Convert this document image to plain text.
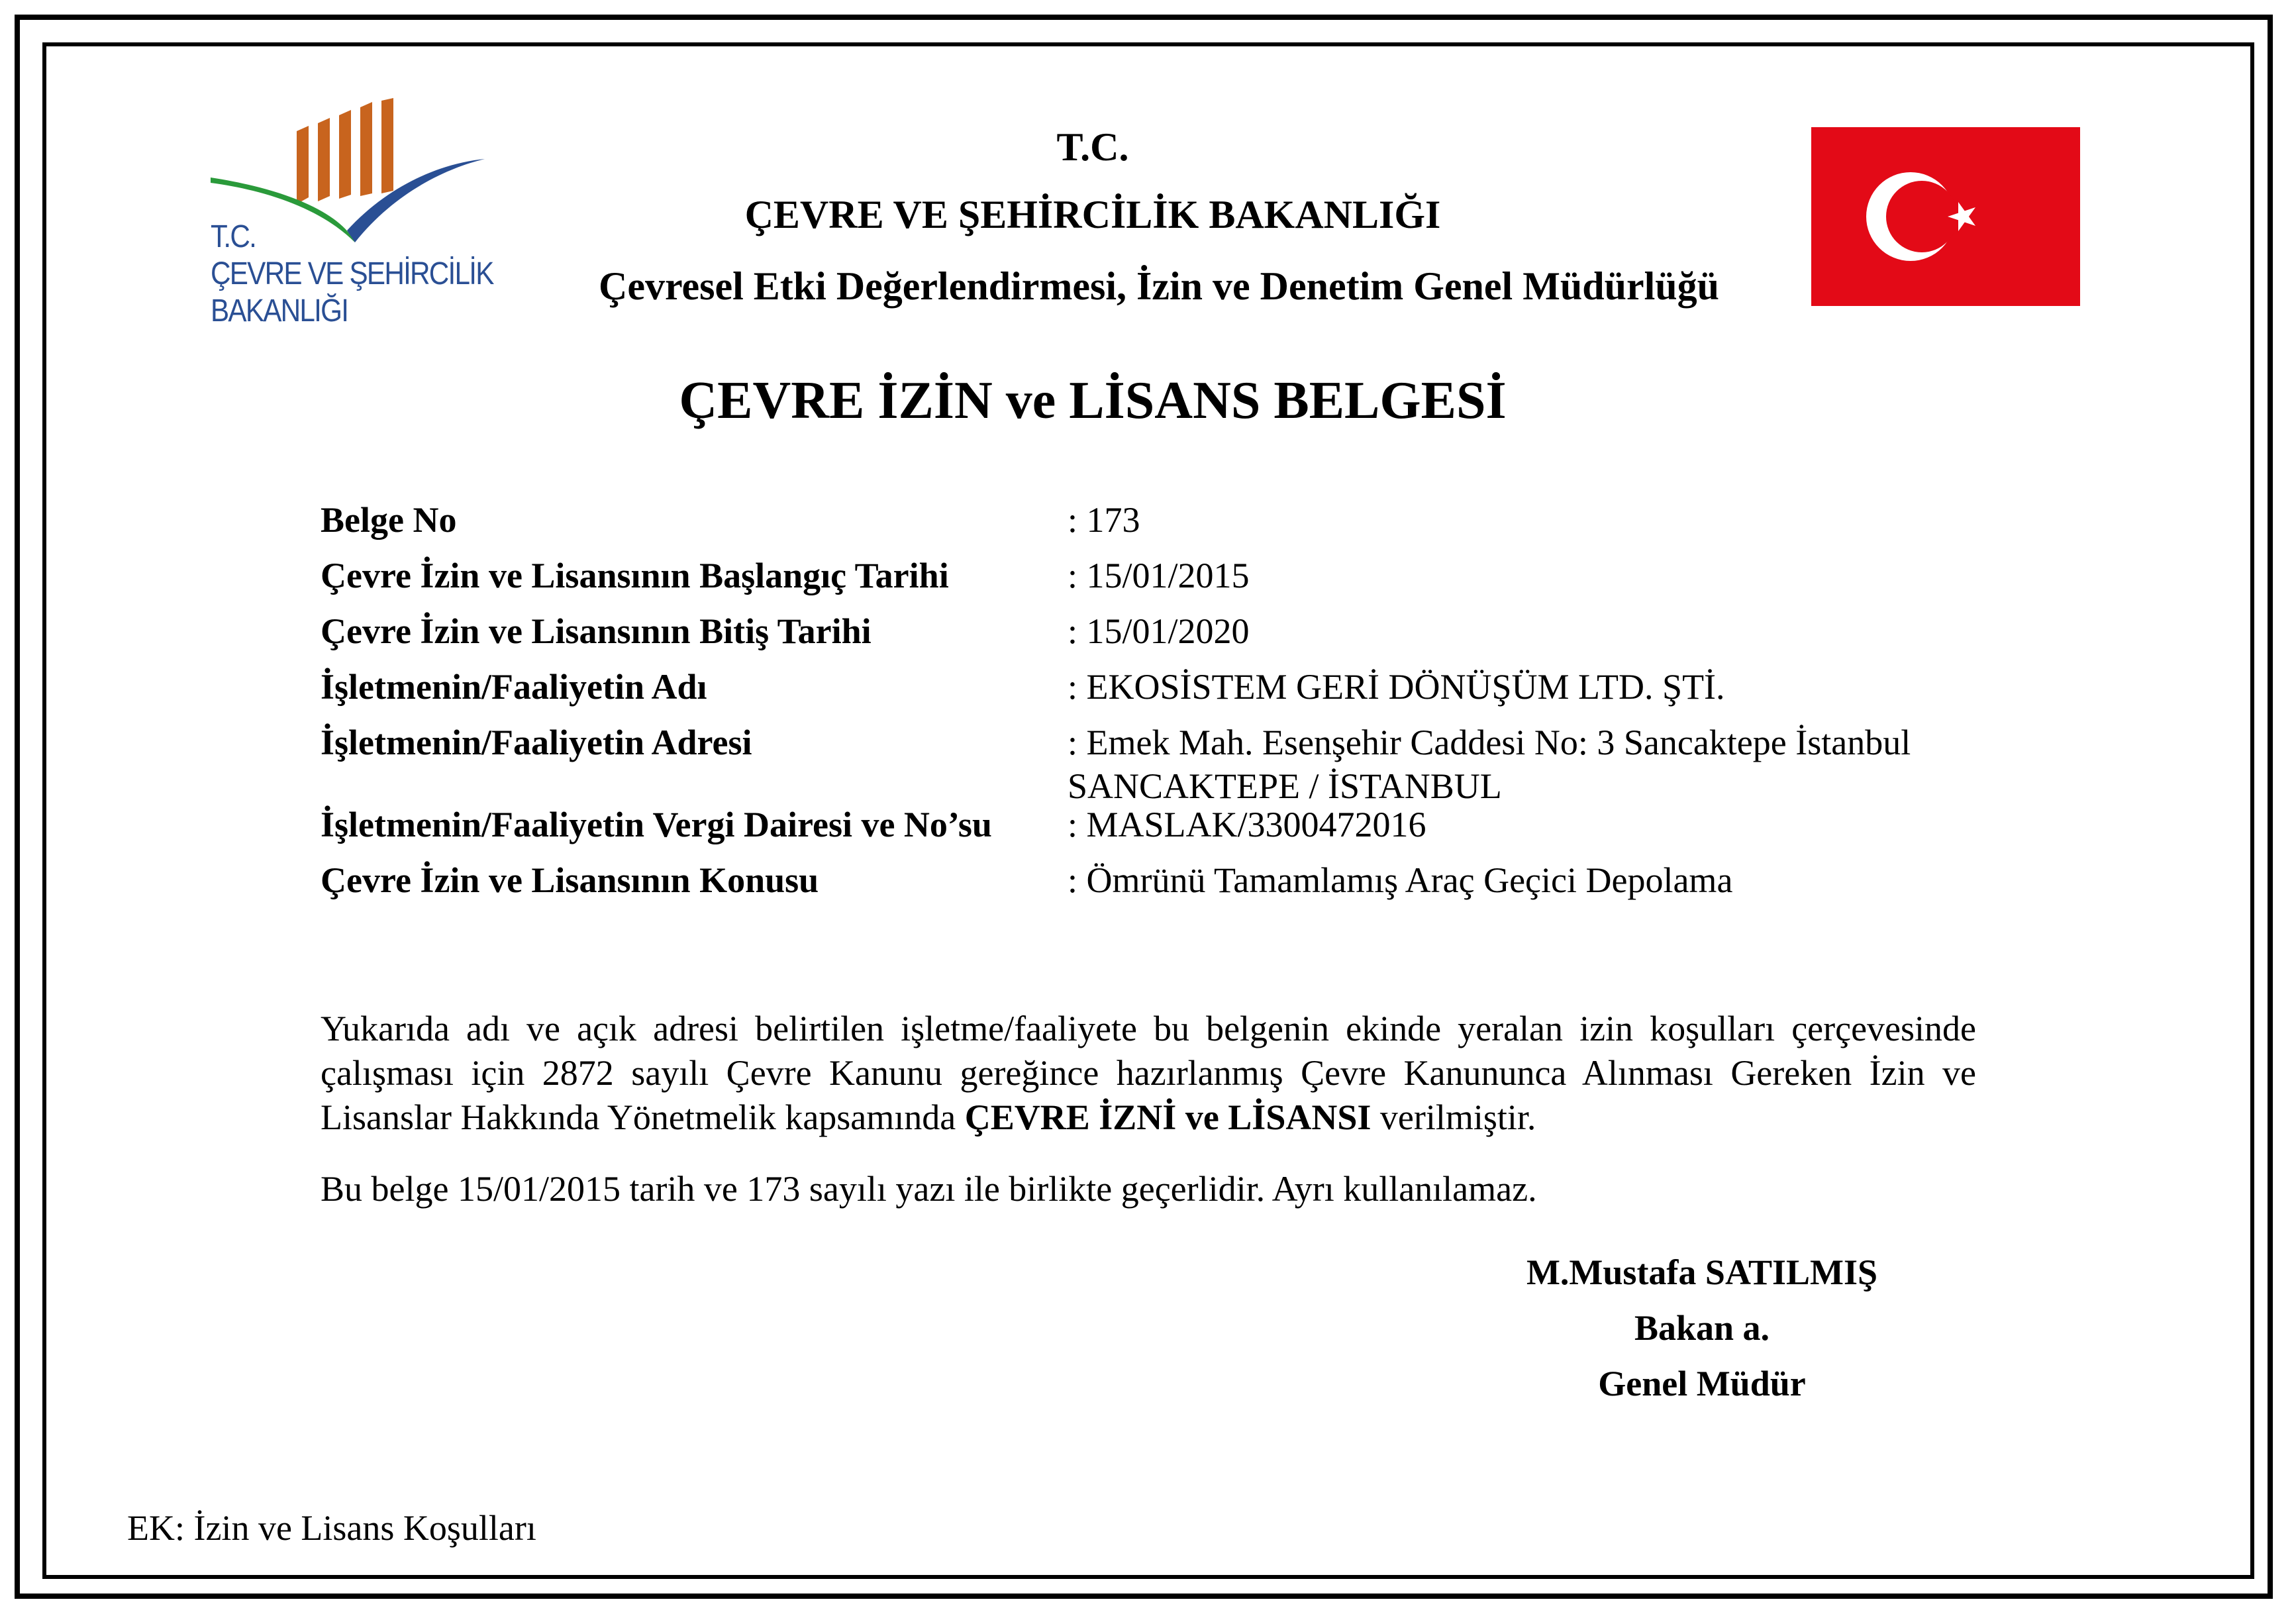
T.C.
ÇEVRE VE ŞEHİRCİLİK
BAKANLIĞI
T.C.
ÇEVRE VE ŞEHİRCİLİK BAKANLIĞI
Çevresel Etki Değerlendirmesi, İzin ve Denetim Genel Müdürlüğü
ÇEVRE İZİN ve LİSANS BELGESİ
Belge No	: 173
Çevre İzin ve Lisansının Başlangıç Tarihi	: 15/01/2015
Çevre İzin ve Lisansının Bitiş Tarihi	: 15/01/2020
İşletmenin/Faaliyetin Adı	: EKOSİSTEM GERİ DÖNÜŞÜM LTD. ŞTİ.
İşletmenin/Faaliyetin Adresi	: Emek Mah. Esenşehir Caddesi No: 3 Sancaktepe İstanbul
SANCAKTEPE / İSTANBUL
İşletmenin/Faaliyetin Vergi Dairesi ve No’su : MASLAK/3300472016
Çevre İzin ve Lisansının Konusu	: Ömrünü Tamamlamış Araç Geçici Depolama
Yukarıda adı ve açık adresi belirtilen işletme/faaliyete bu belgenin ekinde yeralan izin koşulları çerçevesinde çalışması için 2872 sayılı Çevre Kanunu gereğince hazırlanmış Çevre Kanununca Alınması Gereken İzin ve Lisanslar Hakkında Yönetmelik kapsamında ÇEVRE İZNİ ve LİSANSI verilmiştir.
Bu belge 15/01/2015 tarih ve 173 sayılı yazı ile birlikte geçerlidir. Ayrı kullanılamaz.
M.Mustafa SATILMIŞ
Bakan a.
Genel Müdür
EK: İzin ve Lisans Koşulları
